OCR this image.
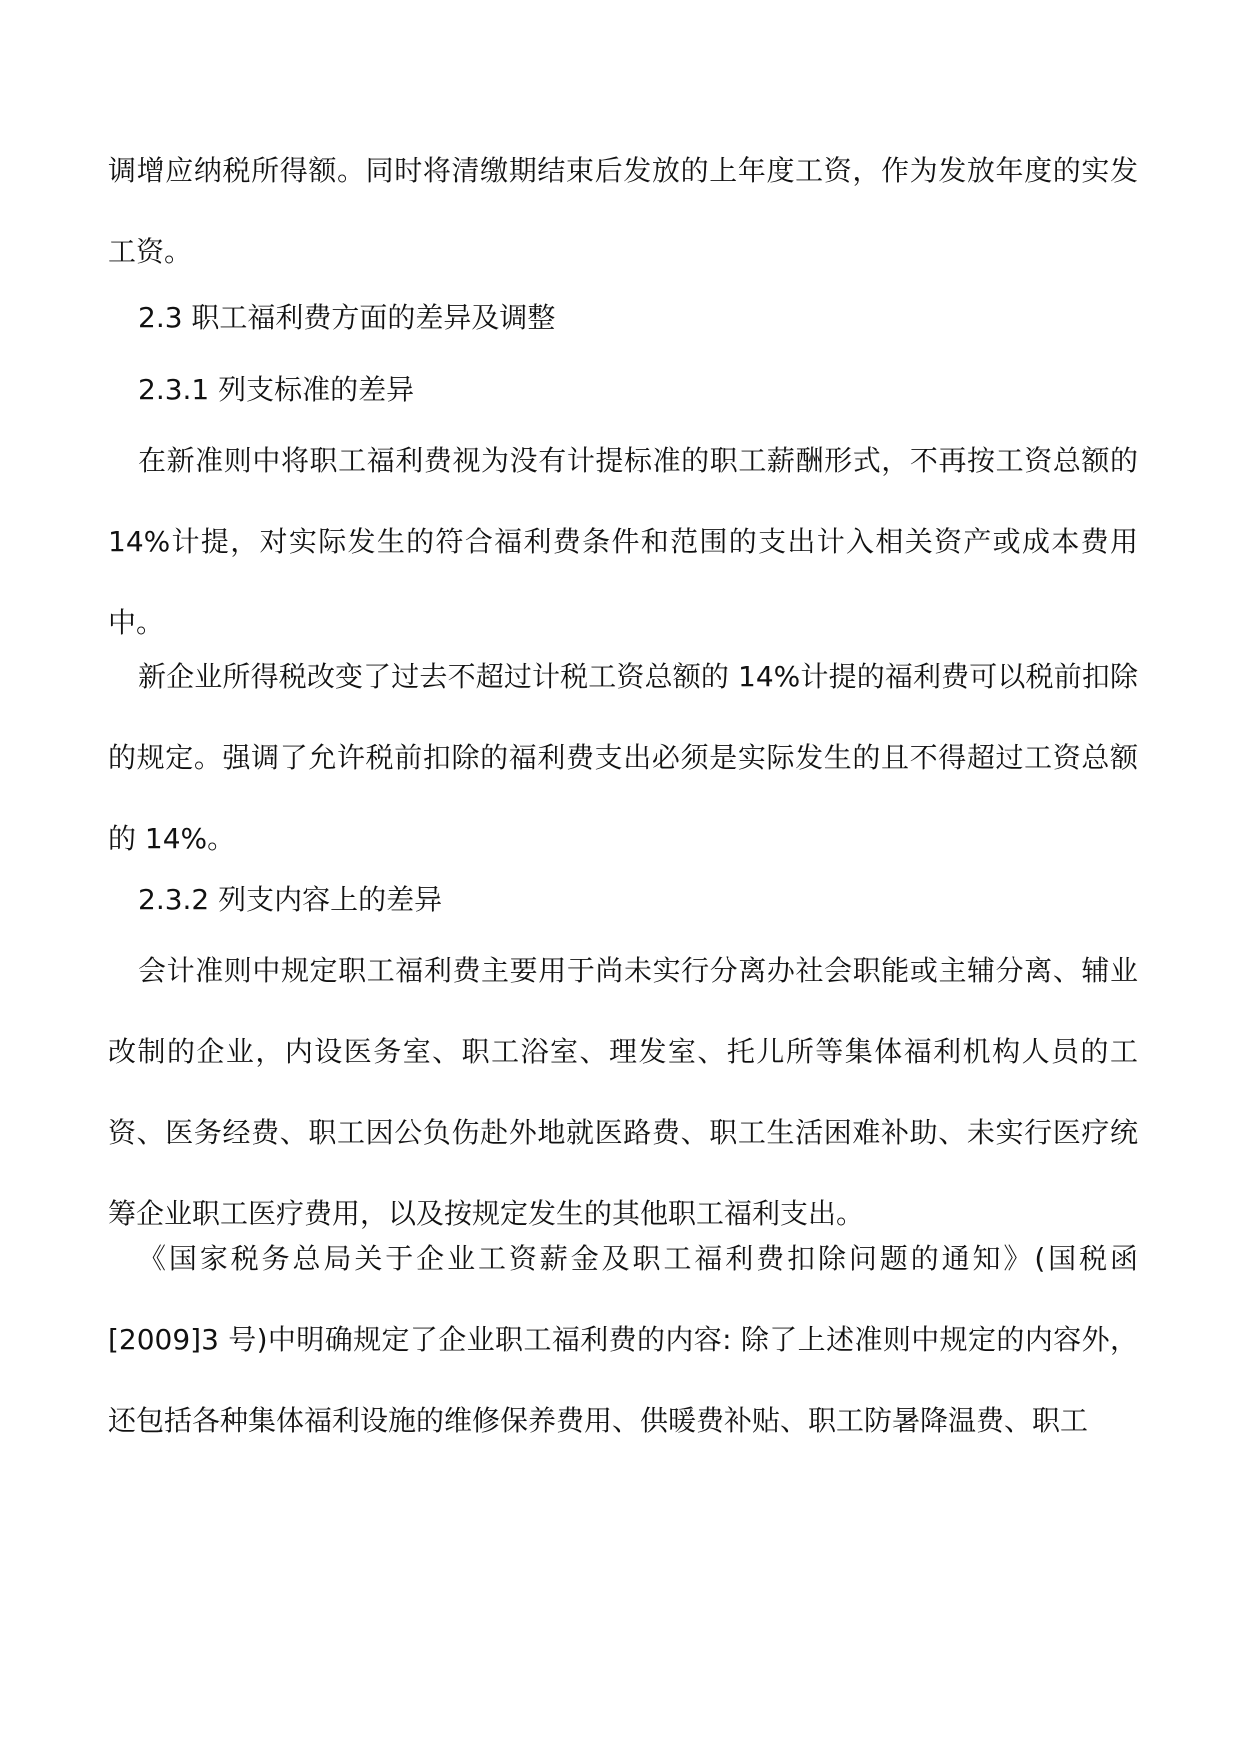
调增应纳税所得额。同时将清缴期结束后发放的上年度工资，作为发放年度的实发工资。

2.3 职工福利费方面的差异及调整

2.3.1 列支标准的差异

在新准则中将职工福利费视为没有计提标准的职工薪酬形式，不再按工资总额的 14%计提，对实际发生的符合福利费条件和范围的支出计入相关资产或成本费用中。

新企业所得税改变了过去不超过计税工资总额的 14%计提的福利费可以税前扣除的规定。强调了允许税前扣除的福利费支出必须是实际发生的且不得超过工资总额的 14%。

2.3.2 列支内容上的差异

会计准则中规定职工福利费主要用于尚未实行分离办社会职能或主辅分离、辅业改制的企业，内设医务室、职工浴室、理发室、托儿所等集体福利机构人员的工资、医务经费、职工因公负伤赴外地就医路费、职工生活困难补助、未实行医疗统筹企业职工医疗费用，以及按规定发生的其他职工福利支出。

《国家税务总局关于企业工资薪金及职工福利费扣除问题的通知》(国税函[2009]3 号)中明确规定了企业职工福利费的内容: 除了上述准则中规定的内容外，还包括各种集体福利设施的维修保养费用、供暖费补贴、职工防暑降温费、职工
